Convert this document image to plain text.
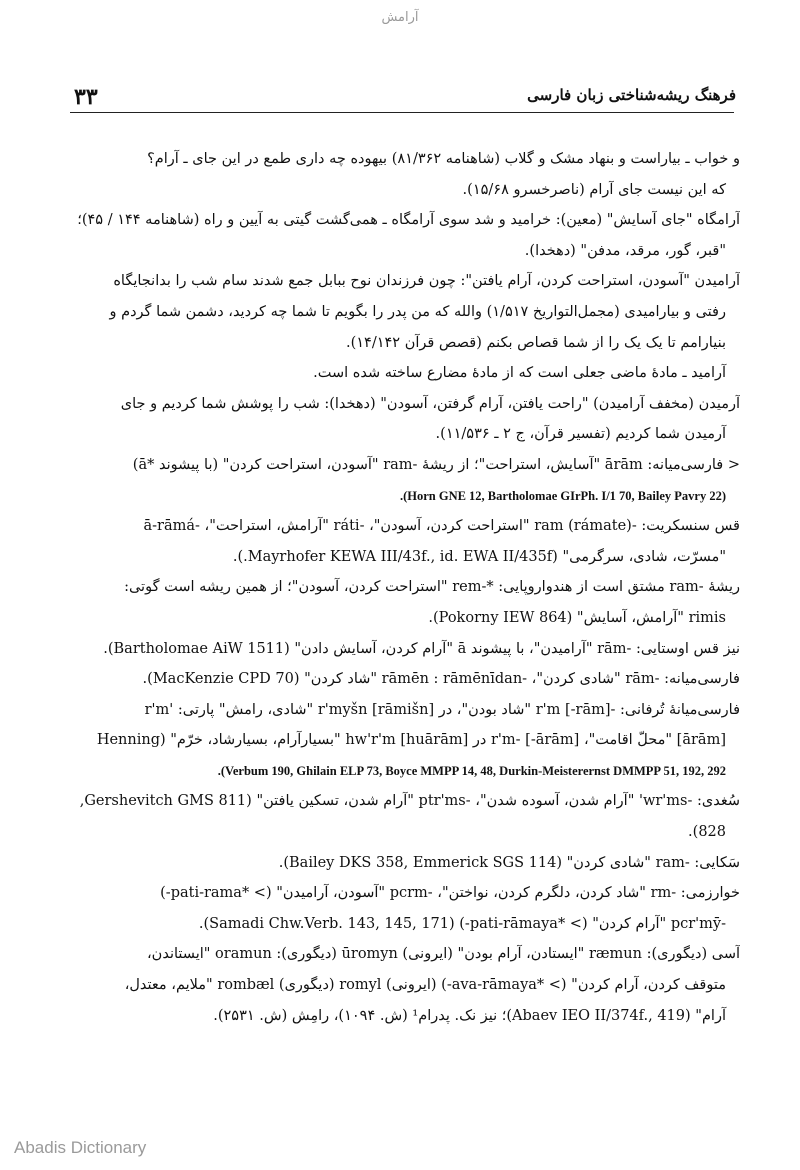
آرامش
۳۳	فرهنگ ریشه‌شناختی زبان فارسی
و خواب ـ بیاراست و بنهاد مشک و گلاب (شاهنامه ۸۱/۳۶۲) بیهوده چه داری طمع در این جای ـ آرام؟
که این نیست جای آرام (ناصرخسرو ۱۵/۶۸).
آرامگاه "جای آسایش" (معین): خرامید و شد سوی آرامگاه ـ همی‌گشت گیتی به آیین و راه (شاهنامه ۱۴۴ / ۴۵)؛
"قبر، گور، مرقد، مدفن" (دهخدا).
آرامیدن "آسودن، استراحت کردن، آرام یافتن": چون فرزندان نوح ببابل جمع شدند سام شب را بدانجایگاه
رفتی و بیارامیدی (مجمل‌التواریخ ۱/۵۱۷) والله که من پدر را بگویم تا شما چه کردید، دشمن شما گردم و
بنیارامم تا یک یک را از شما قصاص بکنم (قصص قرآن ۱۴/۱۴۲).
آرامید ـ مادهٔ ماضی جعلی است که از مادهٔ مضارع ساخته شده است.
آرمیدن (مخفف آرامیدن) "راحت یافتن، آرام گرفتن، آسودن" (دهخدا): شب را پوشش شما کردیم و جای
آرمیدن شما کردیم (تفسیر قرآن، ج ۲ ـ ۱۱/۵۳۶).
< فارسی‌میانه: ārām "آسایش، استراحت"؛ از ریشهٔ -ram "آسودن، استراحت کردن" (با پیشوند *ā)
(Horn GNE 12, Bartholomae GIrPh. I/1 70, Bailey Pavry 22).
قس سنسکریت: -ram (rámate) "استراحت کردن، آسودن"، -ráti "آرامش، استراحت"، -ā-rāmá
"مسرّت، شادی، سرگرمی" (Mayrhofer KEWA III/43f., id. EWA II/435f.).
ریشهٔ -ram مشتق است از هندواروپایی: *-rem "استراحت کردن، آسودن"؛ از همین ریشه است گوتی:
rimis "آرامش، آسایش" (Pokorny IEW 864).
نیز قس اوستایی: -rām "آرامیدن"، با پیشوند ā "آرام کردن، آسایش دادن" (Bartholomae AiW 1511).
فارسی‌میانه: -rām "شادی کردن"، -rāmēn : rāmēnīdan "شاد کردن" (MacKenzie CPD 70).
فارسی‌میانهٔ تُرفانی: -r'm [-rām] "شاد بودن"، در r'myšn [rāmišn] "شادی، رامش" پارتی: 'r'm
[ārām] "محلّ اقامت"، r'm- [-ārām] در hw'r'm [huārām] "بسیارآرام، بسیارشاد، خرّم" (Henning
Verbum 190, Ghilain ELP 73, Boyce MMPP 14, 48, Durkin-Meisterernst DMMPP 51, 192, 292).
سُغدی: -wr'ms' "آرام شدن، آسوده شدن"، -ptr'ms "آرام شدن، تسکین یافتن" (Gershevitch GMS 811,
828).
سَکایی: -ram "شادی کردن" (Bailey DKS 358, Emmerick SGS 114).
خوارزمی: -rm "شاد کردن، دلگرم کردن، نواختن"، -pcrm "آسودن، آرامیدن" (> *pati-rama-)
-pcr'mȳ "آرام کردن" (> *pati-rāmaya-) (Samadi Chw.Verb. 143, 145, 171).
آسی (دیگوری): ræmun "ایستادن، آرام بودن" (ایرونی) ūromyn (دیگوری): oramun "ایستاندن،
متوقف کردن، آرام کردن" (> *ava-rāmaya-) (ایرونی) romyl (دیگوری) rombæl "ملایم، معتدل،
آرام" (Abaev IEO II/374f., 419)؛ نیز نک. پدرام¹ (ش. ۱۰۹۴)، رامِش (ش. ۲۵۳۱).
Abadis Dictionary
